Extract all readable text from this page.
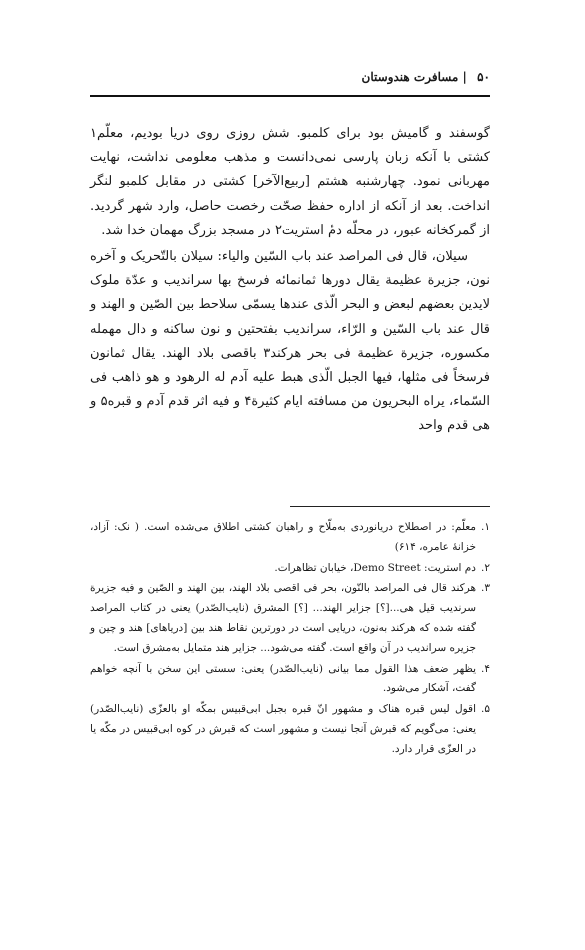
۵۰ | مسافرت هندوستان

گوسفند و گامیش بود برای کلمبو. شش روزی روی دریا بودیم، معلّم۱ کشتی با آنکه زبان پارسی نمی‌دانست و مذهب معلومی نداشت، نهایت مهربانی نمود. چهارشنبه هشتم [ربیع‌الآخر] کشتی در مقابل کلمبو لنگر انداخت. بعد از آنکه از اداره حفظ صحّت رخصت حاصل، وارد شهر گردید. از گمرکخانه عبور، در محلّه دمٔ استریت۲ در مسجد بزرگ مهمان خدا شد.

سیلان، قال فی المراصد عند باب السّین والیاء: سیلان بالتّحریک و آخره نون، جزیرة عظیمة یقال دورها ثمانمائه فرسخ بها سراندیب و عدّة ملوک لایدین بعضهم لبعض و البحر الّذی عندها یسمّی سلاحط بین الصّین و الهند و قال عند باب السّین و الرّاء، سراندیب بفتحتین و نون ساکنه و دال مهمله مکسوره، جزیرة عظیمة فی بحر هرکند۳ باقصی بلاد الهند. یقال ثمانون فرسخاً فی مثلها، فیها الجبل الّذی هبط علیه آدم له الرهود و هو ذاهب فی السّماء، یراه البحریون من مسافته ایام کثیرة۴ و فیه اثر قدم آدم و قبره۵ و هی قدم واحد

۱.
معلّم: در اصطلاح دریانوردی به‌ملّاح و راهبان کشتی اطلاق می‌شده است. ( نک: آزاد، خزانهٔ عامره، ۶۱۴)
۲.
دم استریت: Demo Street، خیابان تظاهرات.
۳.
هرکند قال فی المراصد بالنّون، بحر فی اقصی بلاد الهند، بین الهند و الصّین و فیه جزیرة سرندیب قیل هی...[؟] جزایر الهند... [؟] المشرق (نایب‌الصّدر) یعنی در کتاب المراصد گفته شده که هرکند به‌نون، دریایی است در دورترین نقاط هند بین [دریاهای] هند و چین و جزیره سراندیب در آن واقع است. گفته می‌شود... جزایر هند متمایل به‌مشرق است.
۴.
یظهر ضعف هذا القول مما بیانی (نایب‌الصّدر) یعنی: سستی این سخن با آنچه خواهم گفت، آشکار می‌شود.
۵.
اقول لیس قبره هناک و مشهور انّ قبره بجبل ابی‌قبیس بمکّه او بالعزّی (نایب‌الصّدر) یعنی: می‌گویم که قبرش آنجا نیست و مشهور است که قبرش در کوه ابی‌قبیس در مکّه یا در العزّی قرار دارد.
